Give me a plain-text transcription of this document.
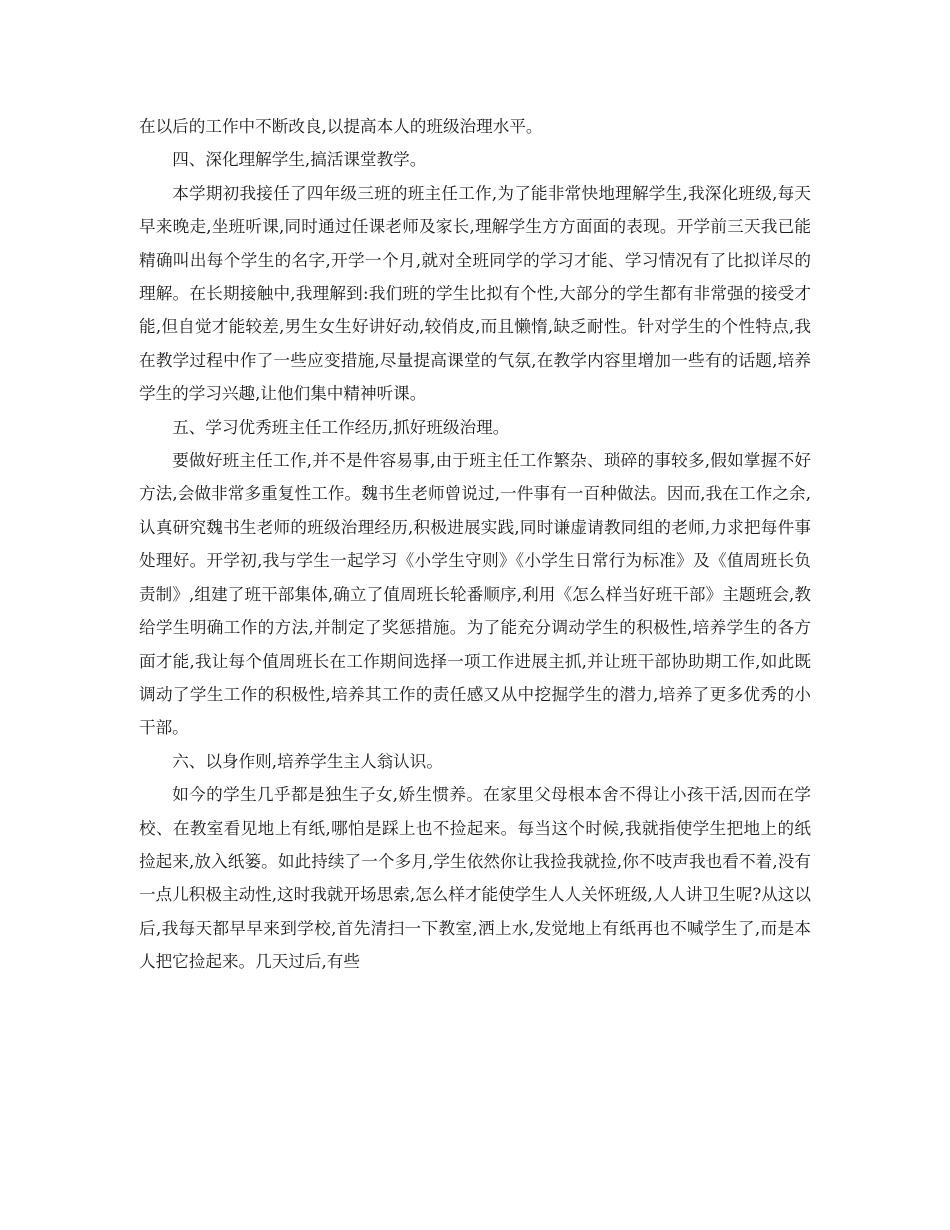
在以后的工作中不断改良,以提高本人的班级治理水平。

四、深化理解学生,搞活课堂教学。

本学期初我接任了四年级三班的班主任工作,为了能非常快地理解学生,我深化班级,每天早来晚走,坐班听课,同时通过任课老师及家长,理解学生方方面面的表现。开学前三天我已能精确叫出每个学生的名字,开学一个月,就对全班同学的学习才能、学习情况有了比拟详尽的理解。在长期接触中,我理解到:我们班的学生比拟有个性,大部分的学生都有非常强的接受才能,但自觉才能较差,男生女生好讲好动,较俏皮,而且懒惰,缺乏耐性。针对学生的个性特点,我在教学过程中作了一些应变措施,尽量提高课堂的气氛,在教学内容里增加一些有的话题,培养学生的学习兴趣,让他们集中精神听课。

五、学习优秀班主任工作经历,抓好班级治理。

要做好班主任工作,并不是件容易事,由于班主任工作繁杂、琐碎的事较多,假如掌握不好方法,会做非常多重复性工作。魏书生老师曾说过,一件事有一百种做法。因而,我在工作之余,认真研究魏书生老师的班级治理经历,积极进展实践,同时谦虚请教同组的老师,力求把每件事处理好。开学初,我与学生一起学习《小学生守则》《小学生日常行为标准》及《值周班长负责制》,组建了班干部集体,确立了值周班长轮番顺序,利用《怎么样当好班干部》主题班会,教给学生明确工作的方法,并制定了奖惩措施。为了能充分调动学生的积极性,培养学生的各方面才能,我让每个值周班长在工作期间选择一项工作进展主抓,并让班干部协助期工作,如此既调动了学生工作的积极性,培养其工作的责任感又从中挖掘学生的潜力,培养了更多优秀的小干部。

六、以身作则,培养学生主人翁认识。

如今的学生几乎都是独生子女,娇生惯养。在家里父母根本舍不得让小孩干活,因而在学校、在教室看见地上有纸,哪怕是踩上也不捡起来。每当这个时候,我就指使学生把地上的纸捡起来,放入纸篓。如此持续了一个多月,学生依然你让我捡我就捡,你不吱声我也看不着,没有一点儿积极主动性,这时我就开场思索,怎么样才能使学生人人关怀班级,人人讲卫生呢?从这以后,我每天都早早来到学校,首先清扫一下教室,洒上水,发觉地上有纸再也不喊学生了,而是本人把它捡起来。几天过后,有些
